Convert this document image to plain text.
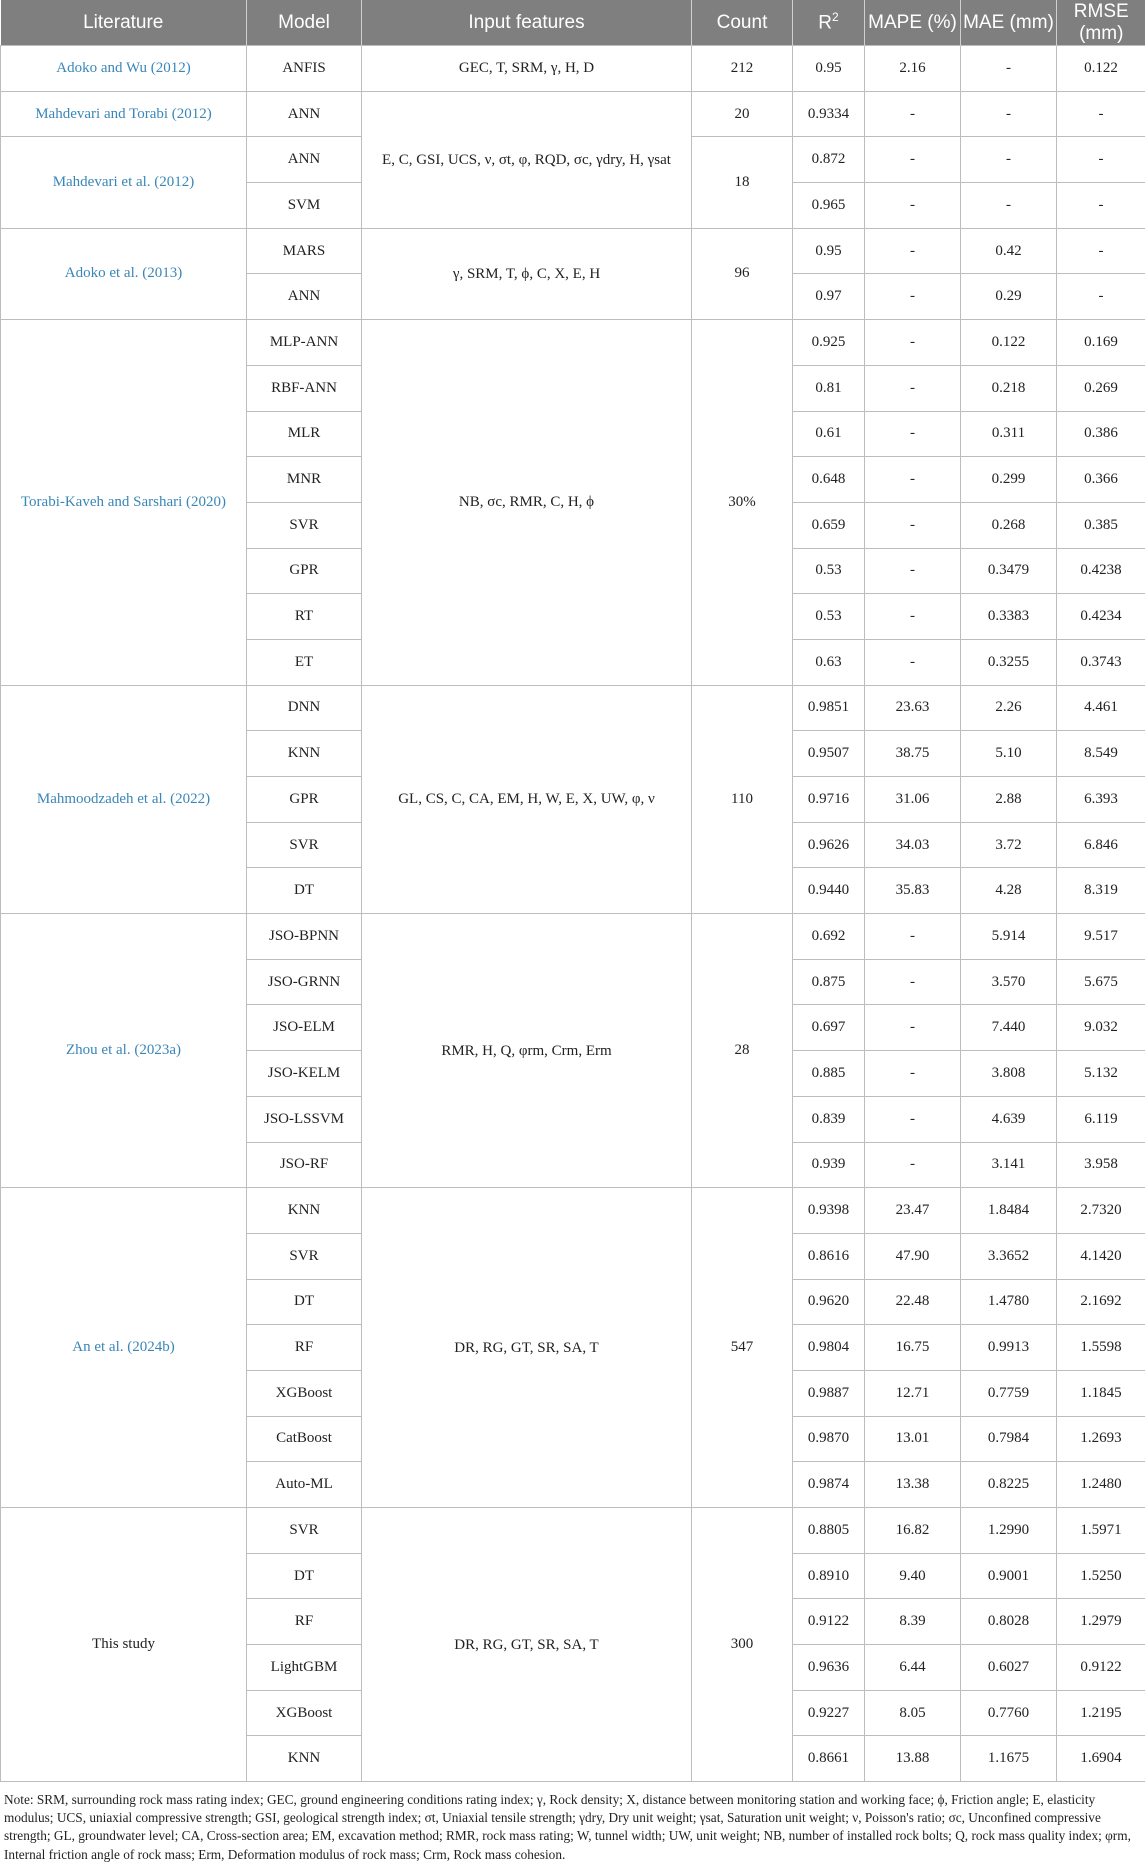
Literature	Model	Input features	Count	$R^2$	MAPE (%)	MAE (mm)	RMSE (mm)
Adoko and Wu (2012)	ANFIS	GEC, T, SRM, γ, H, D	212	0.95	2.16	-	0.122
Mahdevari and Torabi (2012)	ANN	E, C, GSI, UCS, ν, σt, φ, RQD, σc, γdry, H, γsat	20	0.9334	-	-	-
Mahdevari et al. (2012)	ANN		18	0.872	-	-	-
	SVM			0.965	-	-	-
Adoko et al. (2013)	MARS	γ, SRM, T, ϕ, C, X, E, H	96	0.95	-	0.42	-
	ANN			0.97	-	0.29	-
Torabi-Kaveh and Sarshari (2020)	MLP-ANN	NB, σc, RMR, C, H, ϕ	30%	0.925	-	0.122	0.169
	RBF-ANN			0.81	-	0.218	0.269
	MLR			0.61	-	0.311	0.386
	MNR			0.648	-	0.299	0.366
	SVR			0.659	-	0.268	0.385
	GPR			0.53	-	0.3479	0.4238
	RT			0.53	-	0.3383	0.4234
	ET			0.63	-	0.3255	0.3743
Mahmoodzadeh et al. (2022)	DNN	GL, CS, C, CA, EM, H, W, E, X, UW, φ, ν	110	0.9851	23.63	2.26	4.461
	KNN			0.9507	38.75	5.10	8.549
	GPR			0.9716	31.06	2.88	6.393
	SVR			0.9626	34.03	3.72	6.846
	DT			0.9440	35.83	4.28	8.319
Zhou et al. (2023a)	JSO-BPNN	RMR, H, Q, φrm, Crm, Erm	28	0.692	-	5.914	9.517
	JSO-GRNN			0.875	-	3.570	5.675
	JSO-ELM			0.697	-	7.440	9.032
	JSO-KELM			0.885	-	3.808	5.132
	JSO-LSSVM			0.839	-	4.639	6.119
	JSO-RF			0.939	-	3.141	3.958
An et al. (2024b)	KNN	DR, RG, GT, SR, SA, T	547	0.9398	23.47	1.8484	2.7320
	SVR			0.8616	47.90	3.3652	4.1420
	DT			0.9620	22.48	1.4780	2.1692
	RF			0.9804	16.75	0.9913	1.5598
	XGBoost			0.9887	12.71	0.7759	1.1845
	CatBoost			0.9870	13.01	0.7984	1.2693
	Auto-ML			0.9874	13.38	0.8225	1.2480
This study	SVR	DR, RG, GT, SR, SA, T	300	0.8805	16.82	1.2990	1.5971
	DT			0.8910	9.40	0.9001	1.5250
	RF			0.9122	8.39	0.8028	1.2979
	LightGBM			0.9636	6.44	0.6027	0.9122
	XGBoost			0.9227	8.05	0.7760	1.2195
	KNN			0.8661	13.88	1.1675	1.6904
Note: SRM, surrounding rock mass rating index; GEC, ground engineering conditions rating index; γ, Rock density; X, distance between monitoring station and working face; ϕ, Friction angle; E, elasticity modulus; UCS, uniaxial compressive strength; GSI, geological strength index; σt, Uniaxial tensile strength; γdry, Dry unit weight; γsat, Saturation unit weight; ν, Poisson's ratio; σc, Unconfined compressive strength; GL, groundwater level; CA, Cross-section area; EM, excavation method; RMR, rock mass rating; W, tunnel width; UW, unit weight; NB, number of installed rock bolts; Q, rock mass quality index; φrm, Internal friction angle of rock mass; Erm, Deformation modulus of rock mass; Crm, Rock mass cohesion.
